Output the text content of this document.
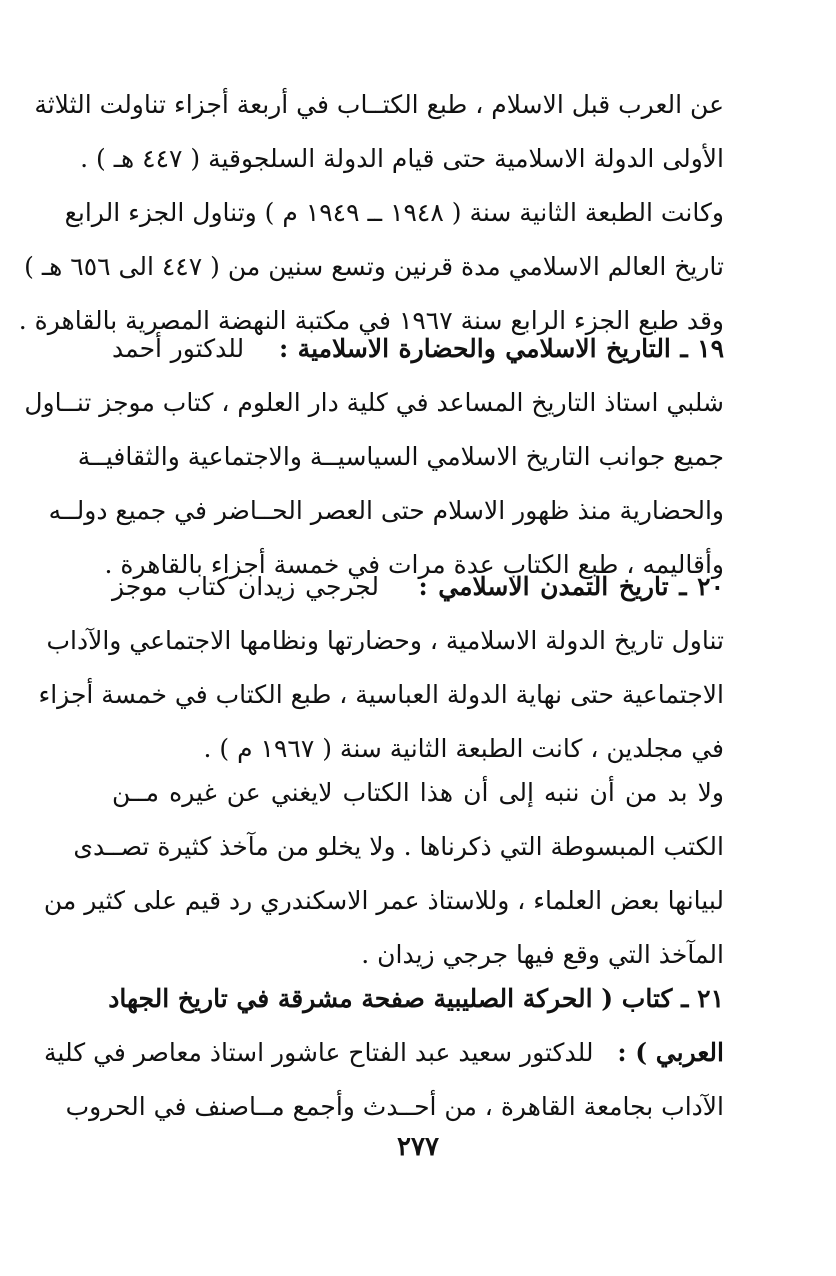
عن العرب قبل الاسلام ، طبع الكتــاب في أربعة أجزاء تناولت الثلاثة
الأولى الدولة الاسلامية حتى قيام الدولة السلجوقية ( ٤٤٧ هـ ) .
وكانت الطبعة الثانية سنة ( ١٩٤٨ ــ ١٩٤٩ م ) وتناول الجزء الرابع
تاريخ العالم الاسلامي مدة قرنين وتسع سنين من ( ٤٤٧ الى ٦٥٦ هـ )
وقد طبع الجزء الرابع سنة ١٩٦٧ في مكتبة النهضة المصرية بالقاهرة .
١٩ ـ التاريخ الاسلامي والحضارة الاسلامية :    للدكتور أحمد
شلبي استاذ التاريخ المساعد في كلية دار العلوم ، كتاب موجز تنــاول
جميع جوانب التاريخ الاسلامي السياسيــة والاجتماعية والثقافيــة
والحضارية منذ ظهور الاسلام حتى العصر الحــاضر في جميع دولــه
وأقاليمه ، طبع الكتاب عدة مرات في خمسة أجزاء بالقاهرة .
٢٠ ـ تاريخ التمدن الاسلامي :    لجرجي زيدان كتاب موجز
تناول تاريخ الدولة الاسلامية ، وحضارتها ونظامها الاجتماعي والآداب
الاجتماعية حتى نهاية الدولة العباسية ، طبع الكتاب في خمسة أجزاء
في مجلدين ، كانت الطبعة الثانية سنة ( ١٩٦٧ م ) .
ولا بد من أن ننبه إلى أن هذا الكتاب لايغني عن غيره مــن
الكتب المبسوطة التي ذكرناها . ولا يخلو من مآخذ كثيرة تصــدى
لبيانها بعض العلماء ، وللاستاذ عمر الاسكندري رد قيم على كثير من
المآخذ التي وقع فيها جرجي زيدان .
٢١ ـ كتاب ( الحركة الصليبية صفحة مشرقة في تاريخ الجهاد
العربي ) :   للدكتور سعيد عبد الفتاح عاشور استاذ معاصر في كلية
الآداب بجامعة القاهرة ، من أحــدث وأجمع مــاصنف في الحروب
٢٧٧
